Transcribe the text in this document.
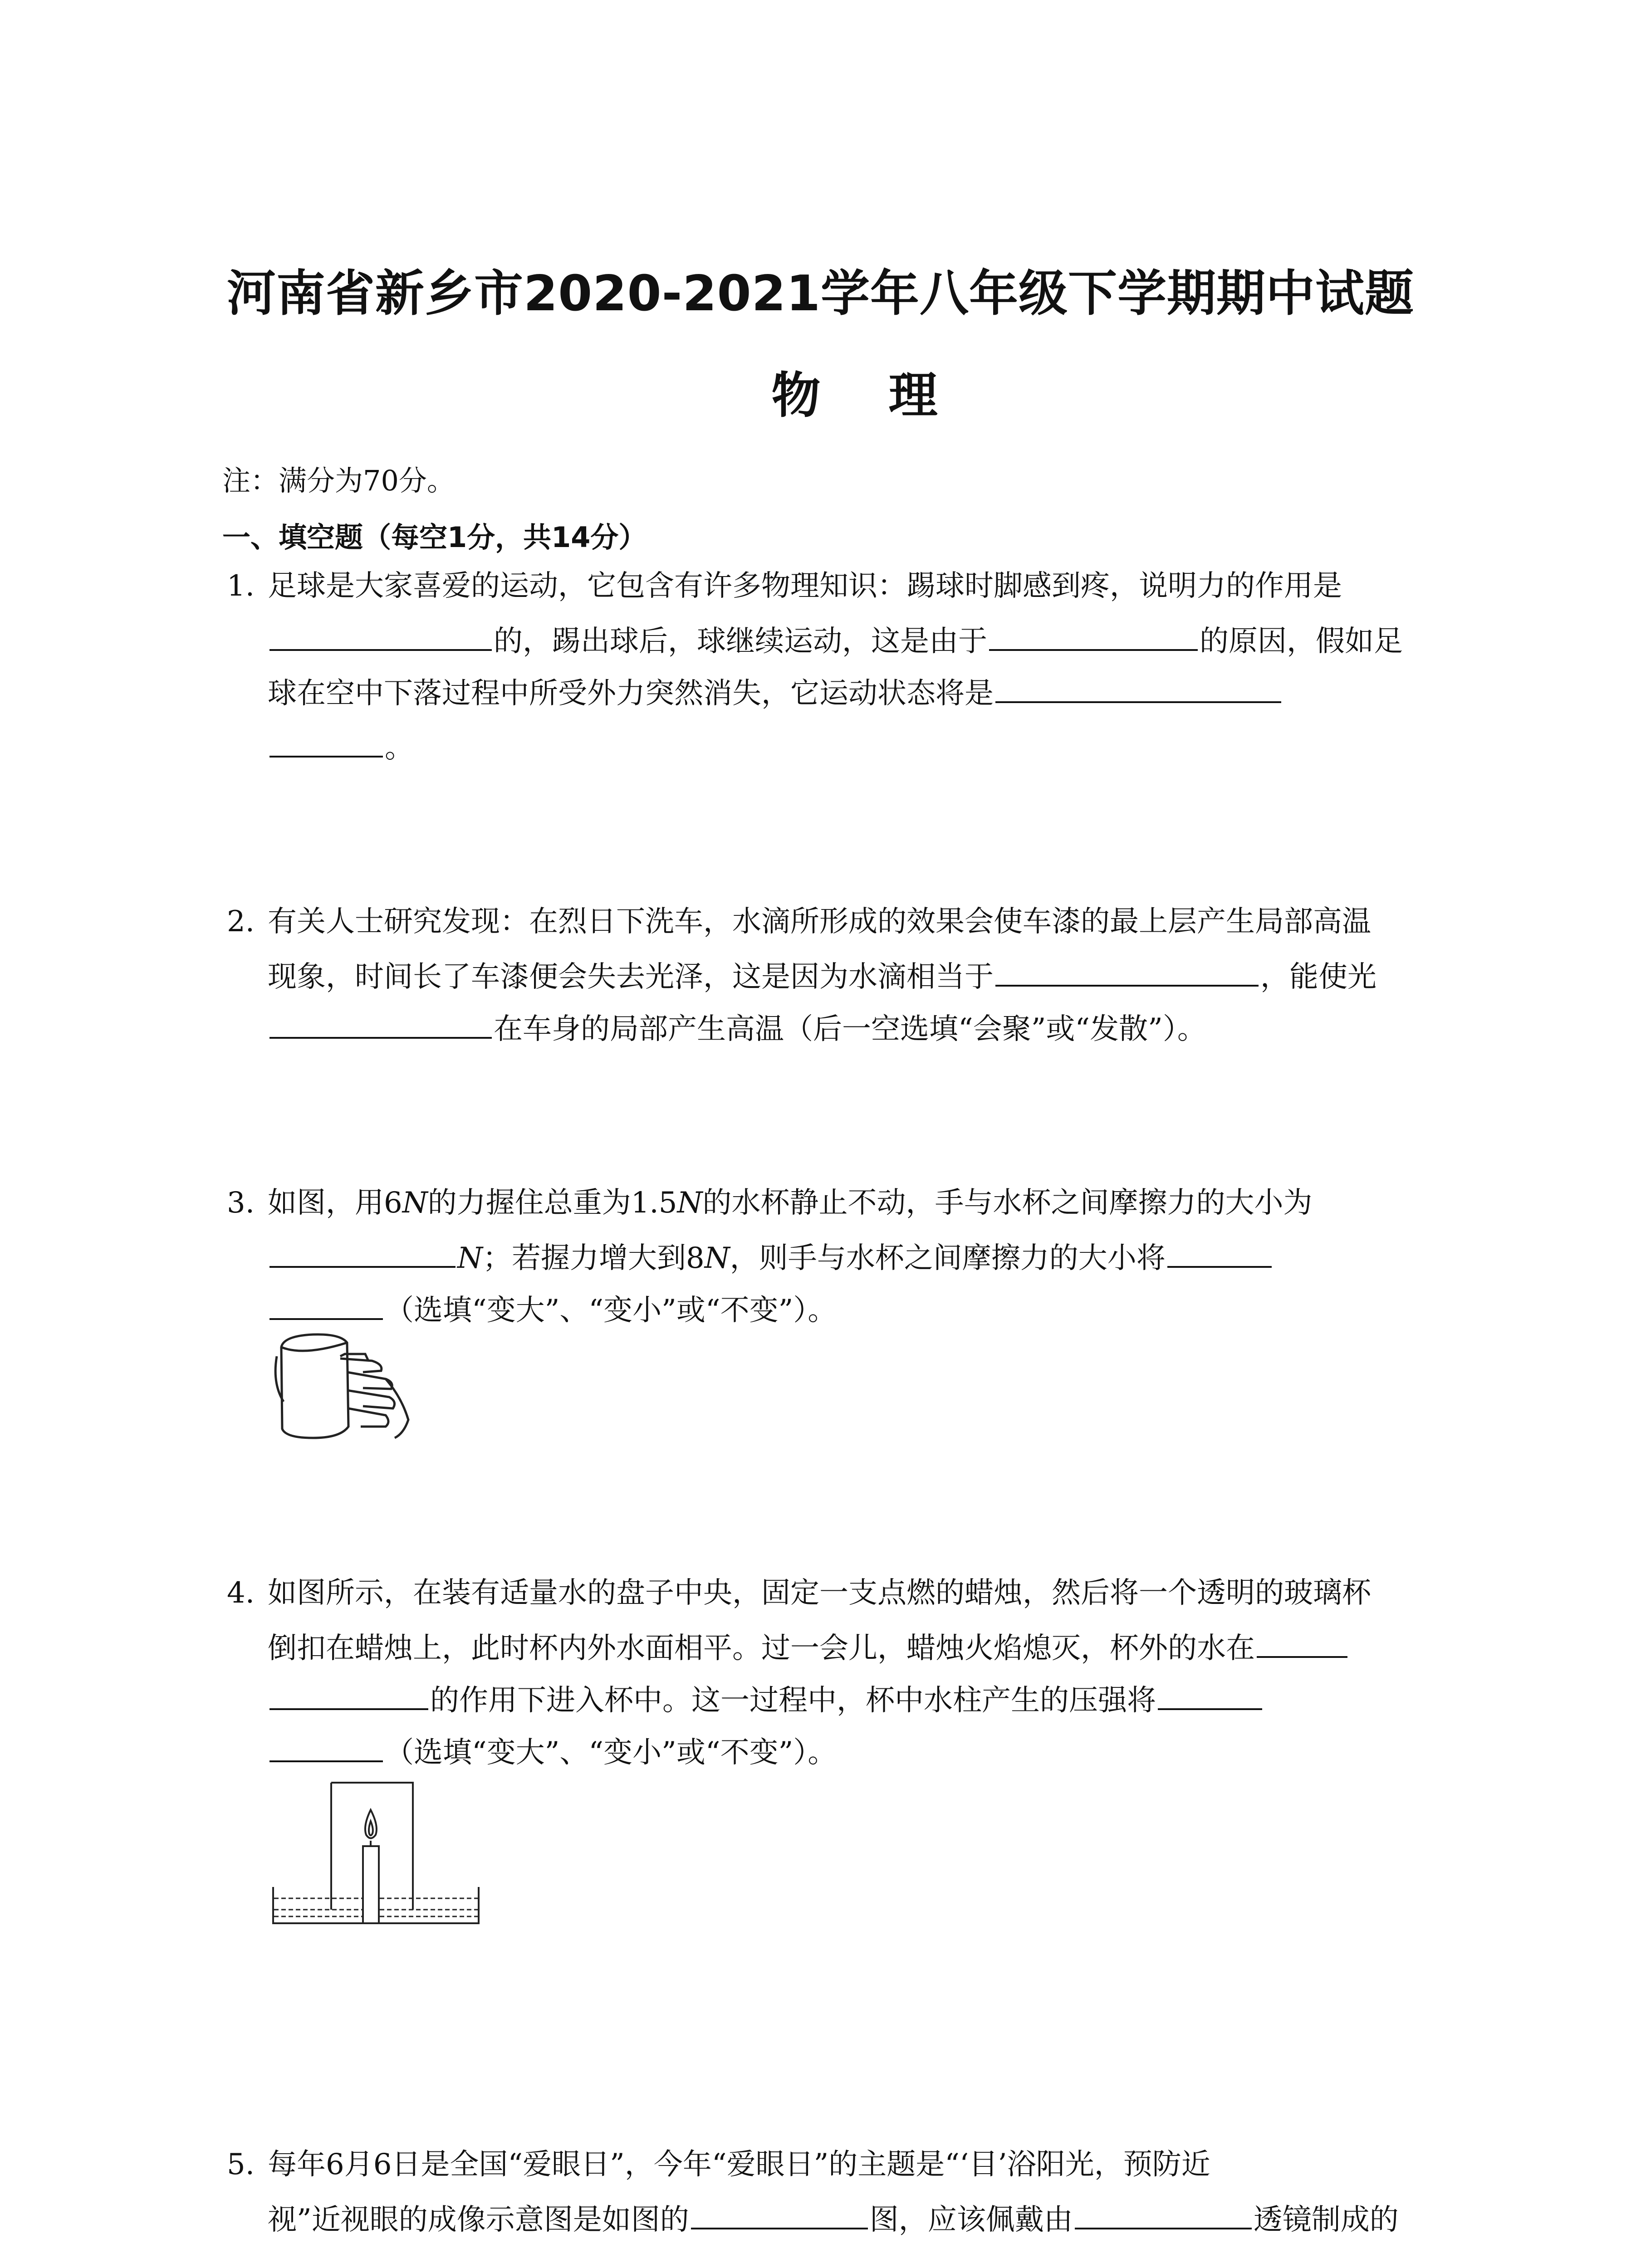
河南省新乡市2020-2021学年八年级下学期期中试题
物理
注：满分为70分。
一、填空题（每空1分，共14分）
1. 足球是大家喜爱的运动，它包含有许多物理知识：踢球时脚感到疼，说明力的作用是
的，踢出球后，球继续运动，这是由于	的原因，假如足
球在空中下落过程中所受外力突然消失，它运动状态将是
。
2. 有关人士研究发现：在烈日下洗车，水滴所形成的效果会使车漆的最上层产生局部高温
现象，时间长了车漆便会失去光泽，这是因为水滴相当于	，能使光
在车身的局部产生高温（后一空选填“会聚”或“发散”）。
3. 如图，用6N的力握住总重为1.5N的水杯静止不动，手与水杯之间摩擦力的大小为
N；若握力增大到8N，则手与水杯之间摩擦力的大小将
（选填“变大”、“变小”或“不变”）。
4. 如图所示，在装有适量水的盘子中央，固定一支点燃的蜡烛，然后将一个透明的玻璃杯
倒扣在蜡烛上，此时杯内外水面相平。过一会儿，蜡烛火焰熄灭，杯外的水在
的作用下进入杯中。这一过程中，杯中水柱产生的压强将
（选填“变大”、“变小”或“不变”）。
5. 每年6月6日是全国“爱眼日”，今年“爱眼日”的主题是“‘目’浴阳光，预防近
视”近视眼的成像示意图是如图的	图，应该佩戴由	透镜制成的
